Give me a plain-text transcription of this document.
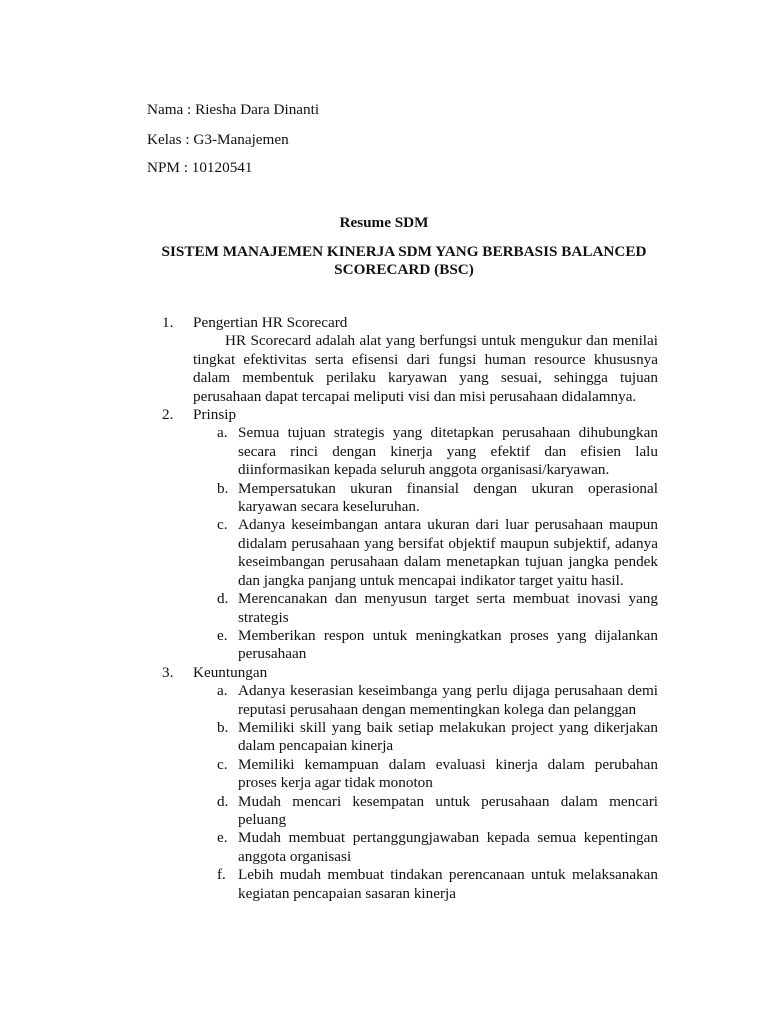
Nama : Riesha Dara Dinanti
Kelas : G3-Manajemen
NPM : 10120541
Resume SDM
SISTEM MANAJEMEN KINERJA SDM YANG BERBASIS BALANCED SCORECARD (BSC)
1.	Pengertian HR Scorecard
HR Scorecard adalah alat yang berfungsi untuk mengukur dan menilai tingkat efektivitas serta efisensi dari fungsi human resource khususnya dalam membentuk perilaku karyawan yang sesuai, sehingga tujuan perusahaan dapat tercapai meliputi visi dan misi perusahaan didalamnya.
2.	Prinsip
a. Semua tujuan strategis yang ditetapkan perusahaan dihubungkan secara rinci dengan kinerja yang efektif dan efisien lalu diinformasikan kepada seluruh anggota organisasi/karyawan.
b. Mempersatukan ukuran finansial dengan ukuran operasional karyawan secara keseluruhan.
c. Adanya keseimbangan antara ukuran dari luar perusahaan maupun didalam perusahaan yang bersifat objektif maupun subjektif, adanya keseimbangan perusahaan dalam menetapkan tujuan jangka pendek dan jangka panjang untuk mencapai indikator target yaitu hasil.
d. Merencanakan dan menyusun target serta membuat inovasi yang strategis
e. Memberikan respon untuk meningkatkan proses yang dijalankan perusahaan
3.	Keuntungan
a. Adanya keserasian keseimbanga yang perlu dijaga perusahaan demi reputasi perusahaan dengan mementingkan kolega dan pelanggan
b. Memiliki skill yang baik setiap melakukan project yang dikerjakan dalam pencapaian kinerja
c. Memiliki kemampuan dalam evaluasi kinerja dalam perubahan proses kerja agar tidak monoton
d. Mudah mencari kesempatan untuk perusahaan dalam mencari peluang
e. Mudah membuat pertanggungjawaban kepada semua kepentingan anggota organisasi
f. Lebih mudah membuat tindakan perencanaan untuk melaksanakan kegiatan pencapaian sasaran kinerja
